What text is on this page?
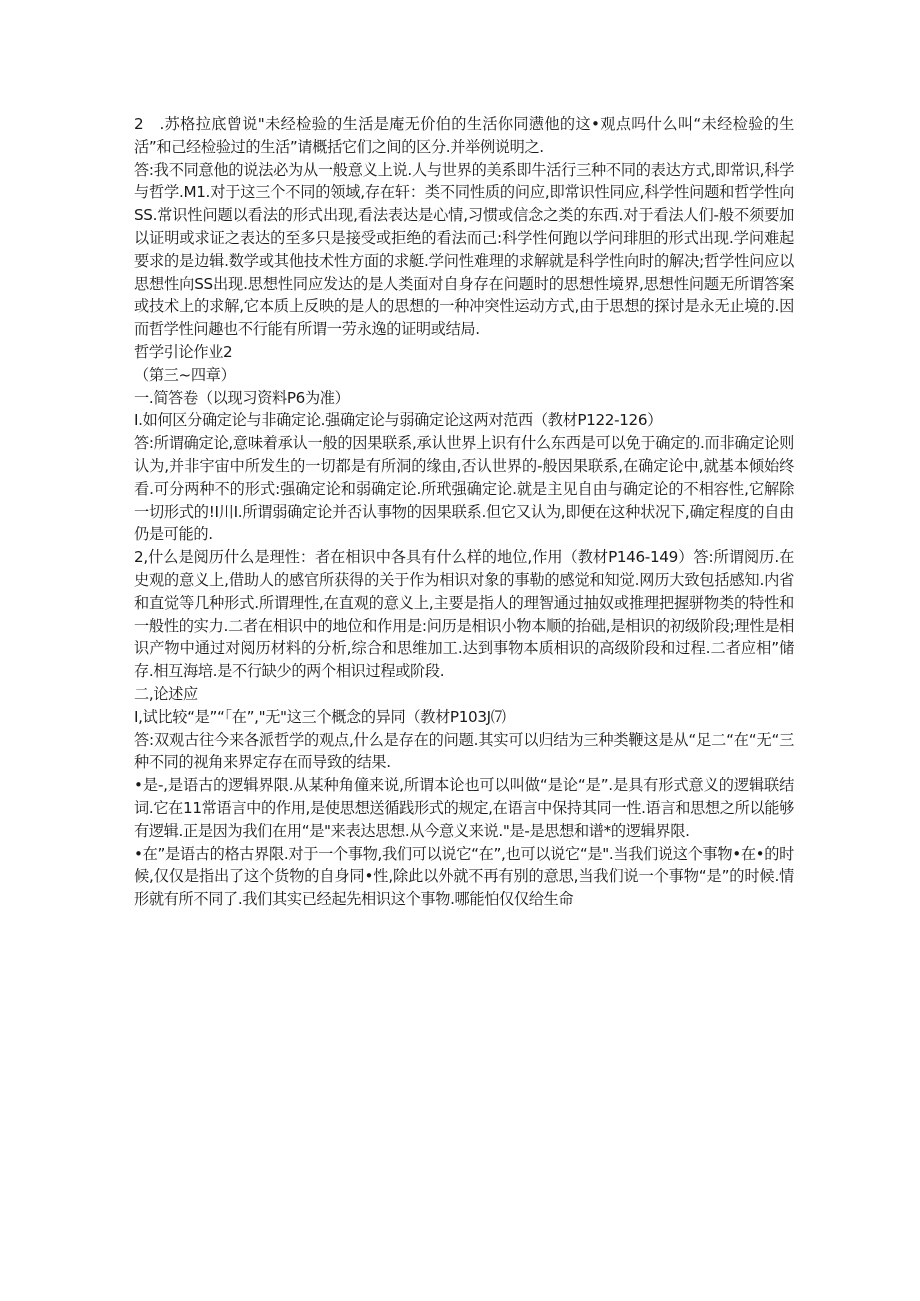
2　.苏格拉底曾说"未经检验的生活是庵无价伯的生活你同懑他的这•观点吗什么叫“未经检验的生活”和己经检验过的生活”请概括它们之间的区分.并举例说明之.

答:我不同意他的说法必为从一般意义上说.人与世界的美系即牛活行三种不同的表达方式,即常识,科学与哲学.M1.对于这三个不同的领域,存在轩：类不同性质的问应,即常识性同应,科学性问题和哲学性向SS.常识性问题以看法的形式出现,看法表达是心情,习惯或信念之类的东西.对于看法人们-般不须要加以证明或求证之表达的至多只是接受或拒绝的看法而己:科学性何跑以学问琲胆的形式出现.学问难起要求的是边辑.数学或其他技术性方面的求艇.学问性难理的求解就是科学性向时的解决;哲学性问应以思想性向SS出现.思想性同应发达的是人类面对自身存在问题时的思想性境界,思想性问题无所谓答案或技术上的求解,它本质上反映的是人的思想的一种冲突性运动方式,由于思想的探讨是永无止境的.因而哲学性问趣也不行能有所谓一劳永逸的证明或结局.

哲学引论作业2

（第三~四章）

一.简答卷（以现习资料P6为准）

I.如何区分确定论与非确定论.强确定论与弱确定论这两对范西（教材P122-126）

答:所谓确定论,意味着承认一般的因果联系,承认世界上识有什么东西是可以免于确定的.而非确定论则认为,并非宇宙中所发生的一切都是有所洞的缘由,否认世界的-般因果联系,在确定论中,就基本倾始终看.可分两种不的形式:强确定论和弱确定论.所玳强确定论.就是主见自由与确定论的不相容性,它解除一切形式的!I川I.所谓弱确定论并否认事物的因果联系.但它又认为,即便在这种状况下,确定程度的自由仍是可能的.

2,什么是阅历什么是理性：者在相识中各具有什么样的地位,作用（教材P146-149）答:所谓阅历.在史观的意义上,借助人的感官所获得的关于作为相识对象的事勒的感觉和知觉.网历大致包括感知.内省和直觉等几种形式.所谓理性,在直观的意义上,主要是指人的理智通过抽奴或推理把握骈物类的特性和一般性的实力.二者在相识中的地位和作用是:问历是相识小物本顺的抬础,是相识的初级阶段;理性是相识产物中通过对阅历材料的分析,综合和思维加工.达到事物本质相识的高级阶段和过程.二者应相”储存.相互海培.是不行缺少的两个相识过程或阶段.

二,论述应

I,试比较“是”“「在”,"无"这三个概念的异同（教材P103J⑺

答:双观古往今来各派哲学的观点,什么是存在的问题.其实可以归结为三种类鞭这是从“足二“在“无“三种不同的视角来界定存在而导致的结果.

•是-,是语古的逻辑界限.从某种角僮来说,所谓本论也可以叫做“是论“是”.是具有形式意义的逻辑联结词.它在11常语言中的作用,是使思想送循践形式的规定,在语言中保持其同一性.语言和思想之所以能够有逻辑.正是因为我们在用“是"来表达思想.从今意义来说."是-是思想和谱*的逻辑界限.

•在”是语古的格古界限.对于一个事物,我们可以说它“在”,也可以说它“是".当我们说这个事物•在•的时候,仅仅是指出了这个货物的自身同•性,除此以外就不再有别的意思,当我们说一个事物“是”的时候.情形就有所不同了.我们其实已经起先相识这个事物.哪能怕仅仅给生命
